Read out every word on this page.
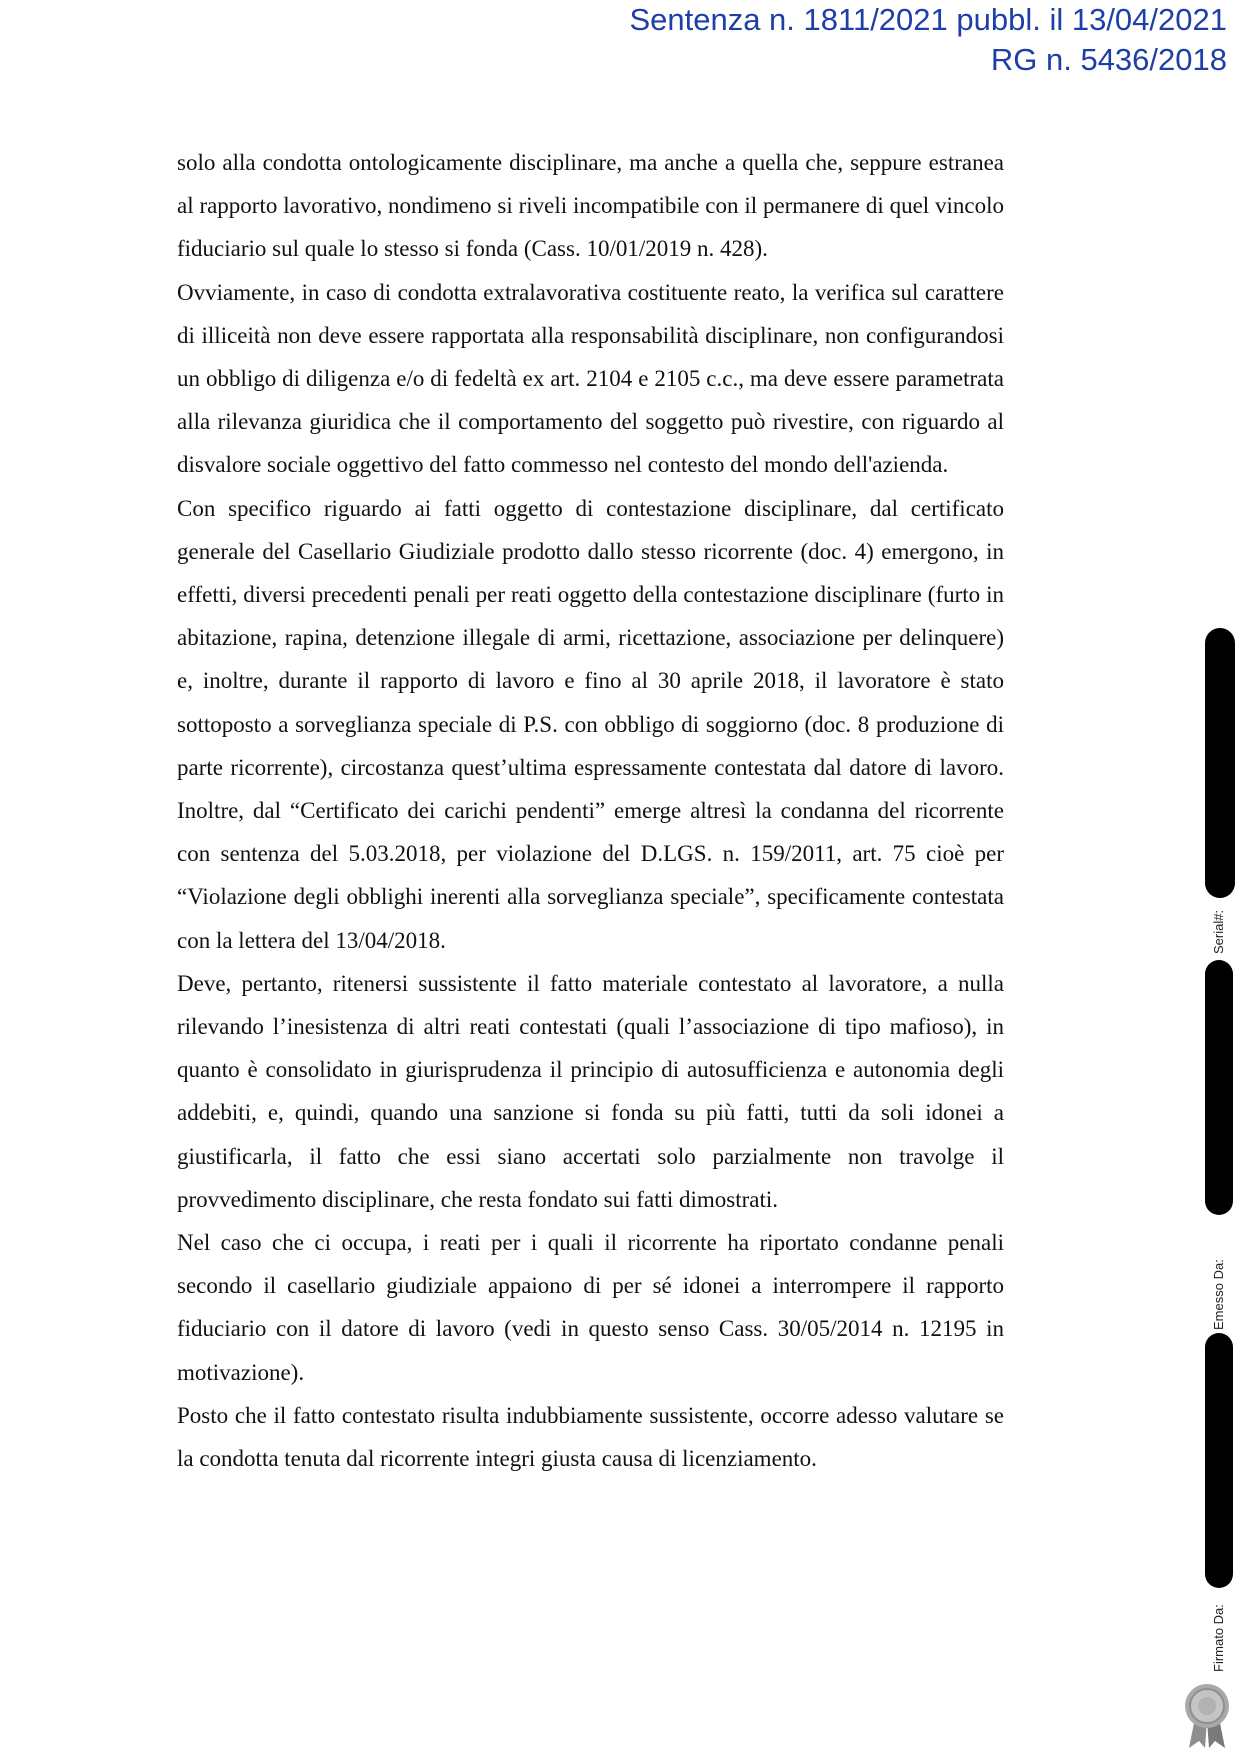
Sentenza n. 1811/2021 pubbl. il 13/04/2021
RG n. 5436/2018

solo alla condotta ontologicamente disciplinare, ma anche a quella che, seppure estranea al rapporto lavorativo, nondimeno si riveli incompatibile con il permanere di quel vincolo fiduciario sul quale lo stesso si fonda (Cass. 10/01/2019 n. 428).

Ovviamente, in caso di condotta extralavorativa costituente reato, la verifica sul carattere di illiceità non deve essere rapportata alla responsabilità disciplinare, non configurandosi un obbligo di diligenza e/o di fedeltà ex art. 2104 e 2105 c.c., ma deve essere parametrata alla rilevanza giuridica che il comportamento del soggetto può rivestire, con riguardo al disvalore sociale oggettivo del fatto commesso nel contesto del mondo dell'azienda.

Con specifico riguardo ai fatti oggetto di contestazione disciplinare, dal certificato generale del Casellario Giudiziale prodotto dallo stesso ricorrente (doc. 4) emergono, in effetti, diversi precedenti penali per reati oggetto della contestazione disciplinare (furto in abitazione, rapina, detenzione illegale di armi, ricettazione, associazione per delinquere) e, inoltre, durante il rapporto di lavoro e fino al 30 aprile 2018, il lavoratore è stato sottoposto a sorveglianza speciale di P.S. con obbligo di soggiorno (doc. 8 produzione di parte ricorrente), circostanza quest’ultima espressamente contestata dal datore di lavoro. Inoltre, dal “Certificato dei carichi pendenti” emerge altresì la condanna del ricorrente con sentenza del 5.03.2018, per violazione del D.LGS. n. 159/2011, art. 75 cioè per “Violazione degli obblighi inerenti alla sorveglianza speciale”, specificamente contestata con la lettera del 13/04/2018.

Deve, pertanto, ritenersi sussistente il fatto materiale contestato al lavoratore, a nulla rilevando l’inesistenza di altri reati contestati (quali l’associazione di tipo mafioso), in quanto è consolidato in giurisprudenza il principio di autosufficienza e autonomia degli addebiti, e, quindi, quando una sanzione si fonda su più fatti, tutti da soli idonei a giustificarla, il fatto che essi siano accertati solo parzialmente non travolge il provvedimento disciplinare, che resta fondato sui fatti dimostrati.

Nel caso che ci occupa, i reati per i quali il ricorrente ha riportato condanne penali secondo il casellario giudiziale appaiono di per sé idonei a interrompere il rapporto fiduciario con il datore di lavoro (vedi in questo senso Cass. 30/05/2014 n. 12195 in motivazione).

Posto che il fatto contestato risulta indubbiamente sussistente, occorre adesso valutare se la condotta tenuta dal ricorrente integri giusta causa di licenziamento.

Serial#:
Emesso Da:
Firmato Da:
